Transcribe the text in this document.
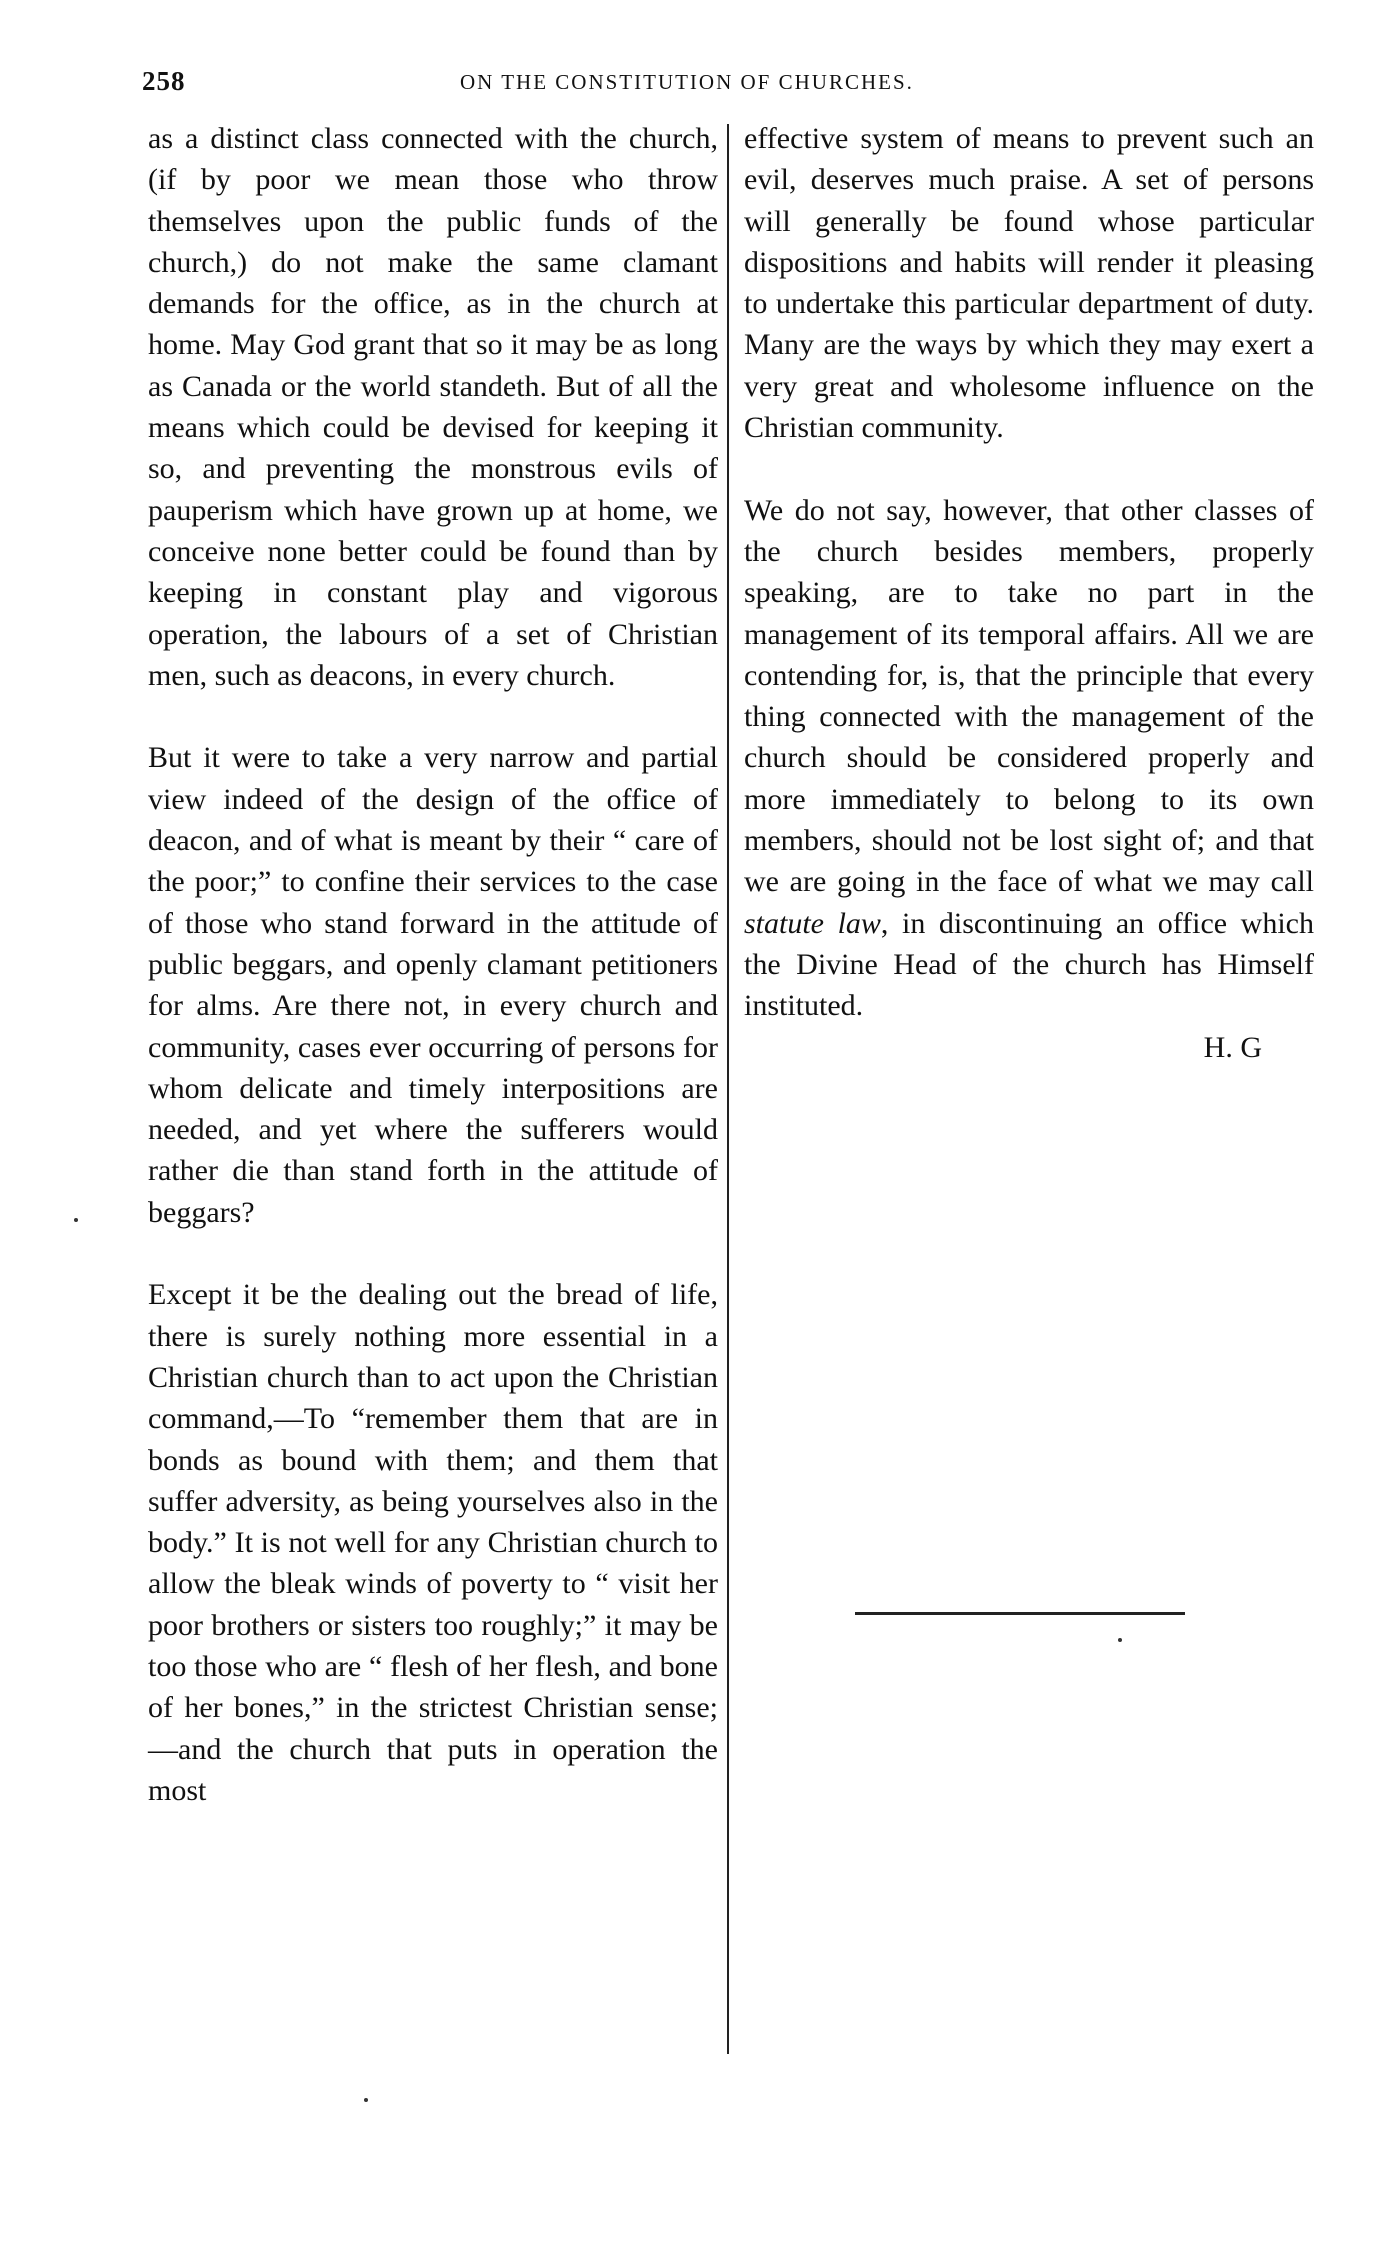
258	ON THE CONSTITUTION OF CHURCHES.

as a distinct class connected with the church, (if by poor we mean those who throw themselves upon the public funds of the church,) do not make the same clamant demands for the office, as in the church at home. May God grant that so it may be as long as Canada or the world standeth. But of all the means which could be devised for keeping it so, and preventing the monstrous evils of pauperism which have grown up at home, we conceive none better could be found than by keeping in constant play and vigorous operation, the labours of a set of Christian men, such as deacons, in every church.

But it were to take a very narrow and partial view indeed of the design of the office of deacon, and of what is meant by their “ care of the poor;” to confine their services to the case of those who stand forward in the attitude of public beggars, and openly clamant petitioners for alms. Are there not, in every church and community, cases ever occurring of persons for whom delicate and timely interpositions are needed, and yet where the sufferers would rather die than stand forth in the attitude of beggars?

Except it be the dealing out the bread of life, there is surely nothing more essential in a Christian church than to act upon the Christian command,—To “remember them that are in bonds as bound with them; and them that suffer adversity, as being yourselves also in the body.” It is not well for any Christian church to allow the bleak winds of poverty to “ visit her poor brothers or sisters too roughly;” it may be too those who are “ flesh of her flesh, and bone of her bones,” in the strictest Christian sense;—and the church that puts in operation the most

effective system of means to prevent such an evil, deserves much praise. A set of persons will generally be found whose particular dispositions and habits will render it pleasing to undertake this particular department of duty. Many are the ways by which they may exert a very great and wholesome influence on the Christian community.

We do not say, however, that other classes of the church besides members, properly speaking, are to take no part in the management of its temporal affairs. All we are contending for, is, that the principle that every thing connected with the management of the church should be considered properly and more immediately to belong to its own members, should not be lost sight of; and that we are going in the face of what we may call statute law, in discontinuing an office which the Divine Head of the church has Himself instituted.

H. G
